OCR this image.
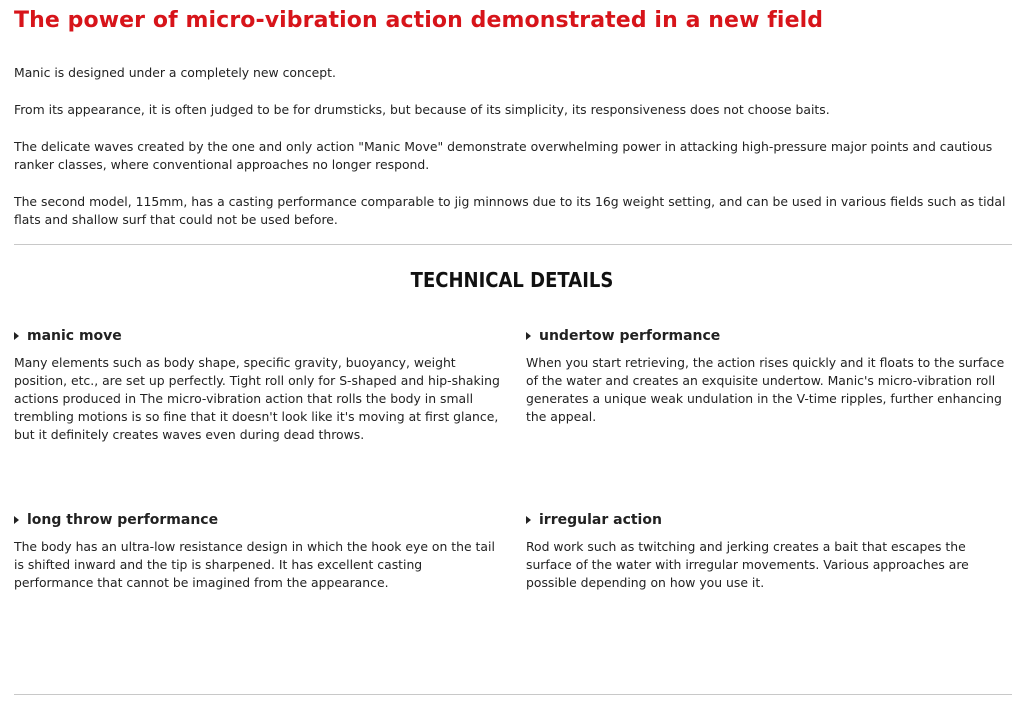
The power of micro-vibration action demonstrated in a new field

Manic is designed under a completely new concept.

From its appearance, it is often judged to be for drumsticks, but because of its simplicity, its responsiveness does not choose baits.

The delicate waves created by the one and only action "Manic Move" demonstrate overwhelming power in attacking high-pressure major points and cautious ranker classes, where conventional approaches no longer respond.

The second model, 115mm, has a casting performance comparable to jig minnows due to its 16g weight setting, and can be used in various fields such as tidal flats and shallow surf that could not be used before.

TECHNICAL DETAILS
manic move

Many elements such as body shape, specific gravity, buoyancy, weight position, etc., are set up perfectly. Tight roll only for S-shaped and hip-shaking actions produced in The micro-vibration action that rolls the body in small trembling motions is so fine that it doesn't look like it's moving at first glance, but it definitely creates waves even during dead throws.

undertow performance

When you start retrieving, the action rises quickly and it floats to the surface of the water and creates an exquisite undertow. Manic's micro-vibration roll generates a unique weak undulation in the V-time ripples, further enhancing the appeal.

long throw performance

The body has an ultra-low resistance design in which the hook eye on the tail is shifted inward and the tip is sharpened. It has excellent casting performance that cannot be imagined from the appearance.

irregular action

Rod work such as twitching and jerking creates a bait that escapes the surface of the water with irregular movements. Various approaches are possible depending on how you use it.
